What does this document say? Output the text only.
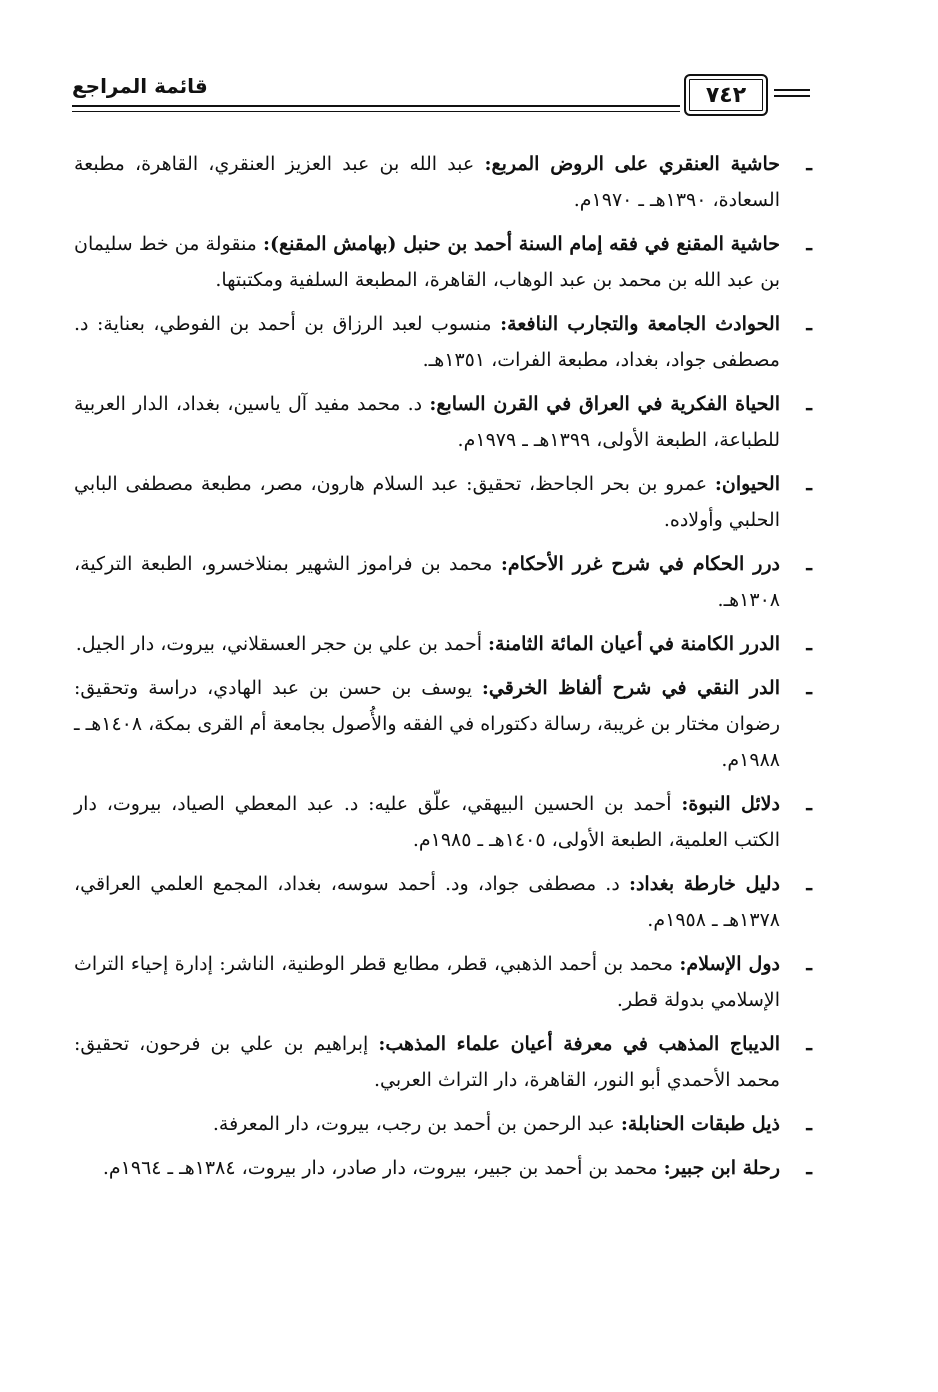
قائمة المراجع	٧٤٢
ـ
حاشية العنقري على الروض المربع: عبد الله بن عبد العزيز العنقري، القاهرة، مطبعة السعادة، ١٣٩٠هـ ـ ١٩٧٠م.
ـ
حاشية المقنع في فقه إمام السنة أحمد بن حنبل (بهامش المقنع): منقولة من خط سليمان بن عبد الله بن محمد بن عبد الوهاب، القاهرة، المطبعة السلفية ومكتبتها.
ـ
الحوادث الجامعة والتجارب النافعة: منسوب لعبد الرزاق بن أحمد بن الفوطي، بعناية: د. مصطفى جواد، بغداد، مطبعة الفرات، ١٣٥١هـ.
ـ
الحياة الفكرية في العراق في القرن السابع: د. محمد مفيد آل ياسين، بغداد، الدار العربية للطباعة، الطبعة الأولى، ١٣٩٩هـ ـ ١٩٧٩م.
ـ
الحيوان: عمرو بن بحر الجاحظ، تحقيق: عبد السلام هارون، مصر، مطبعة مصطفى البابي الحلبي وأولاده.
ـ
درر الحكام في شرح غرر الأحكام: محمد بن فراموز الشهير بمنلاخسرو، الطبعة التركية، ١٣٠٨هـ.
ـ
الدرر الكامنة في أعيان المائة الثامنة: أحمد بن علي بن حجر العسقلاني، بيروت، دار الجيل.
ـ
الدر النقي في شرح ألفاظ الخرقي: يوسف بن حسن بن عبد الهادي، دراسة وتحقيق: رضوان مختار بن غريبة، رسالة دكتوراه في الفقه والأُصول بجامعة أم القرى بمكة، ١٤٠٨هـ ـ ١٩٨٨م.
ـ
دلائل النبوة: أحمد بن الحسين البيهقي، علّق عليه: د. عبد المعطي الصياد، بيروت، دار الكتب العلمية، الطبعة الأولى، ١٤٠٥هـ ـ ١٩٨٥م.
ـ
دليل خارطة بغداد: د. مصطفى جواد، ود. أحمد سوسه، بغداد، المجمع العلمي العراقي، ١٣٧٨هـ ـ ١٩٥٨م.
ـ
دول الإسلام: محمد بن أحمد الذهبي، قطر، مطابع قطر الوطنية، الناشر: إدارة إحياء التراث الإسلامي بدولة قطر.
ـ
الديباج المذهب في معرفة أعيان علماء المذهب: إبراهيم بن علي بن فرحون، تحقيق: محمد الأحمدي أبو النور، القاهرة، دار التراث العربي.
ـ
ذيل طبقات الحنابلة: عبد الرحمن بن أحمد بن رجب، بيروت، دار المعرفة.
ـ
رحلة ابن جبير: محمد بن أحمد بن جبير، بيروت، دار صادر، دار بيروت، ١٣٨٤هـ ـ ١٩٦٤م.
